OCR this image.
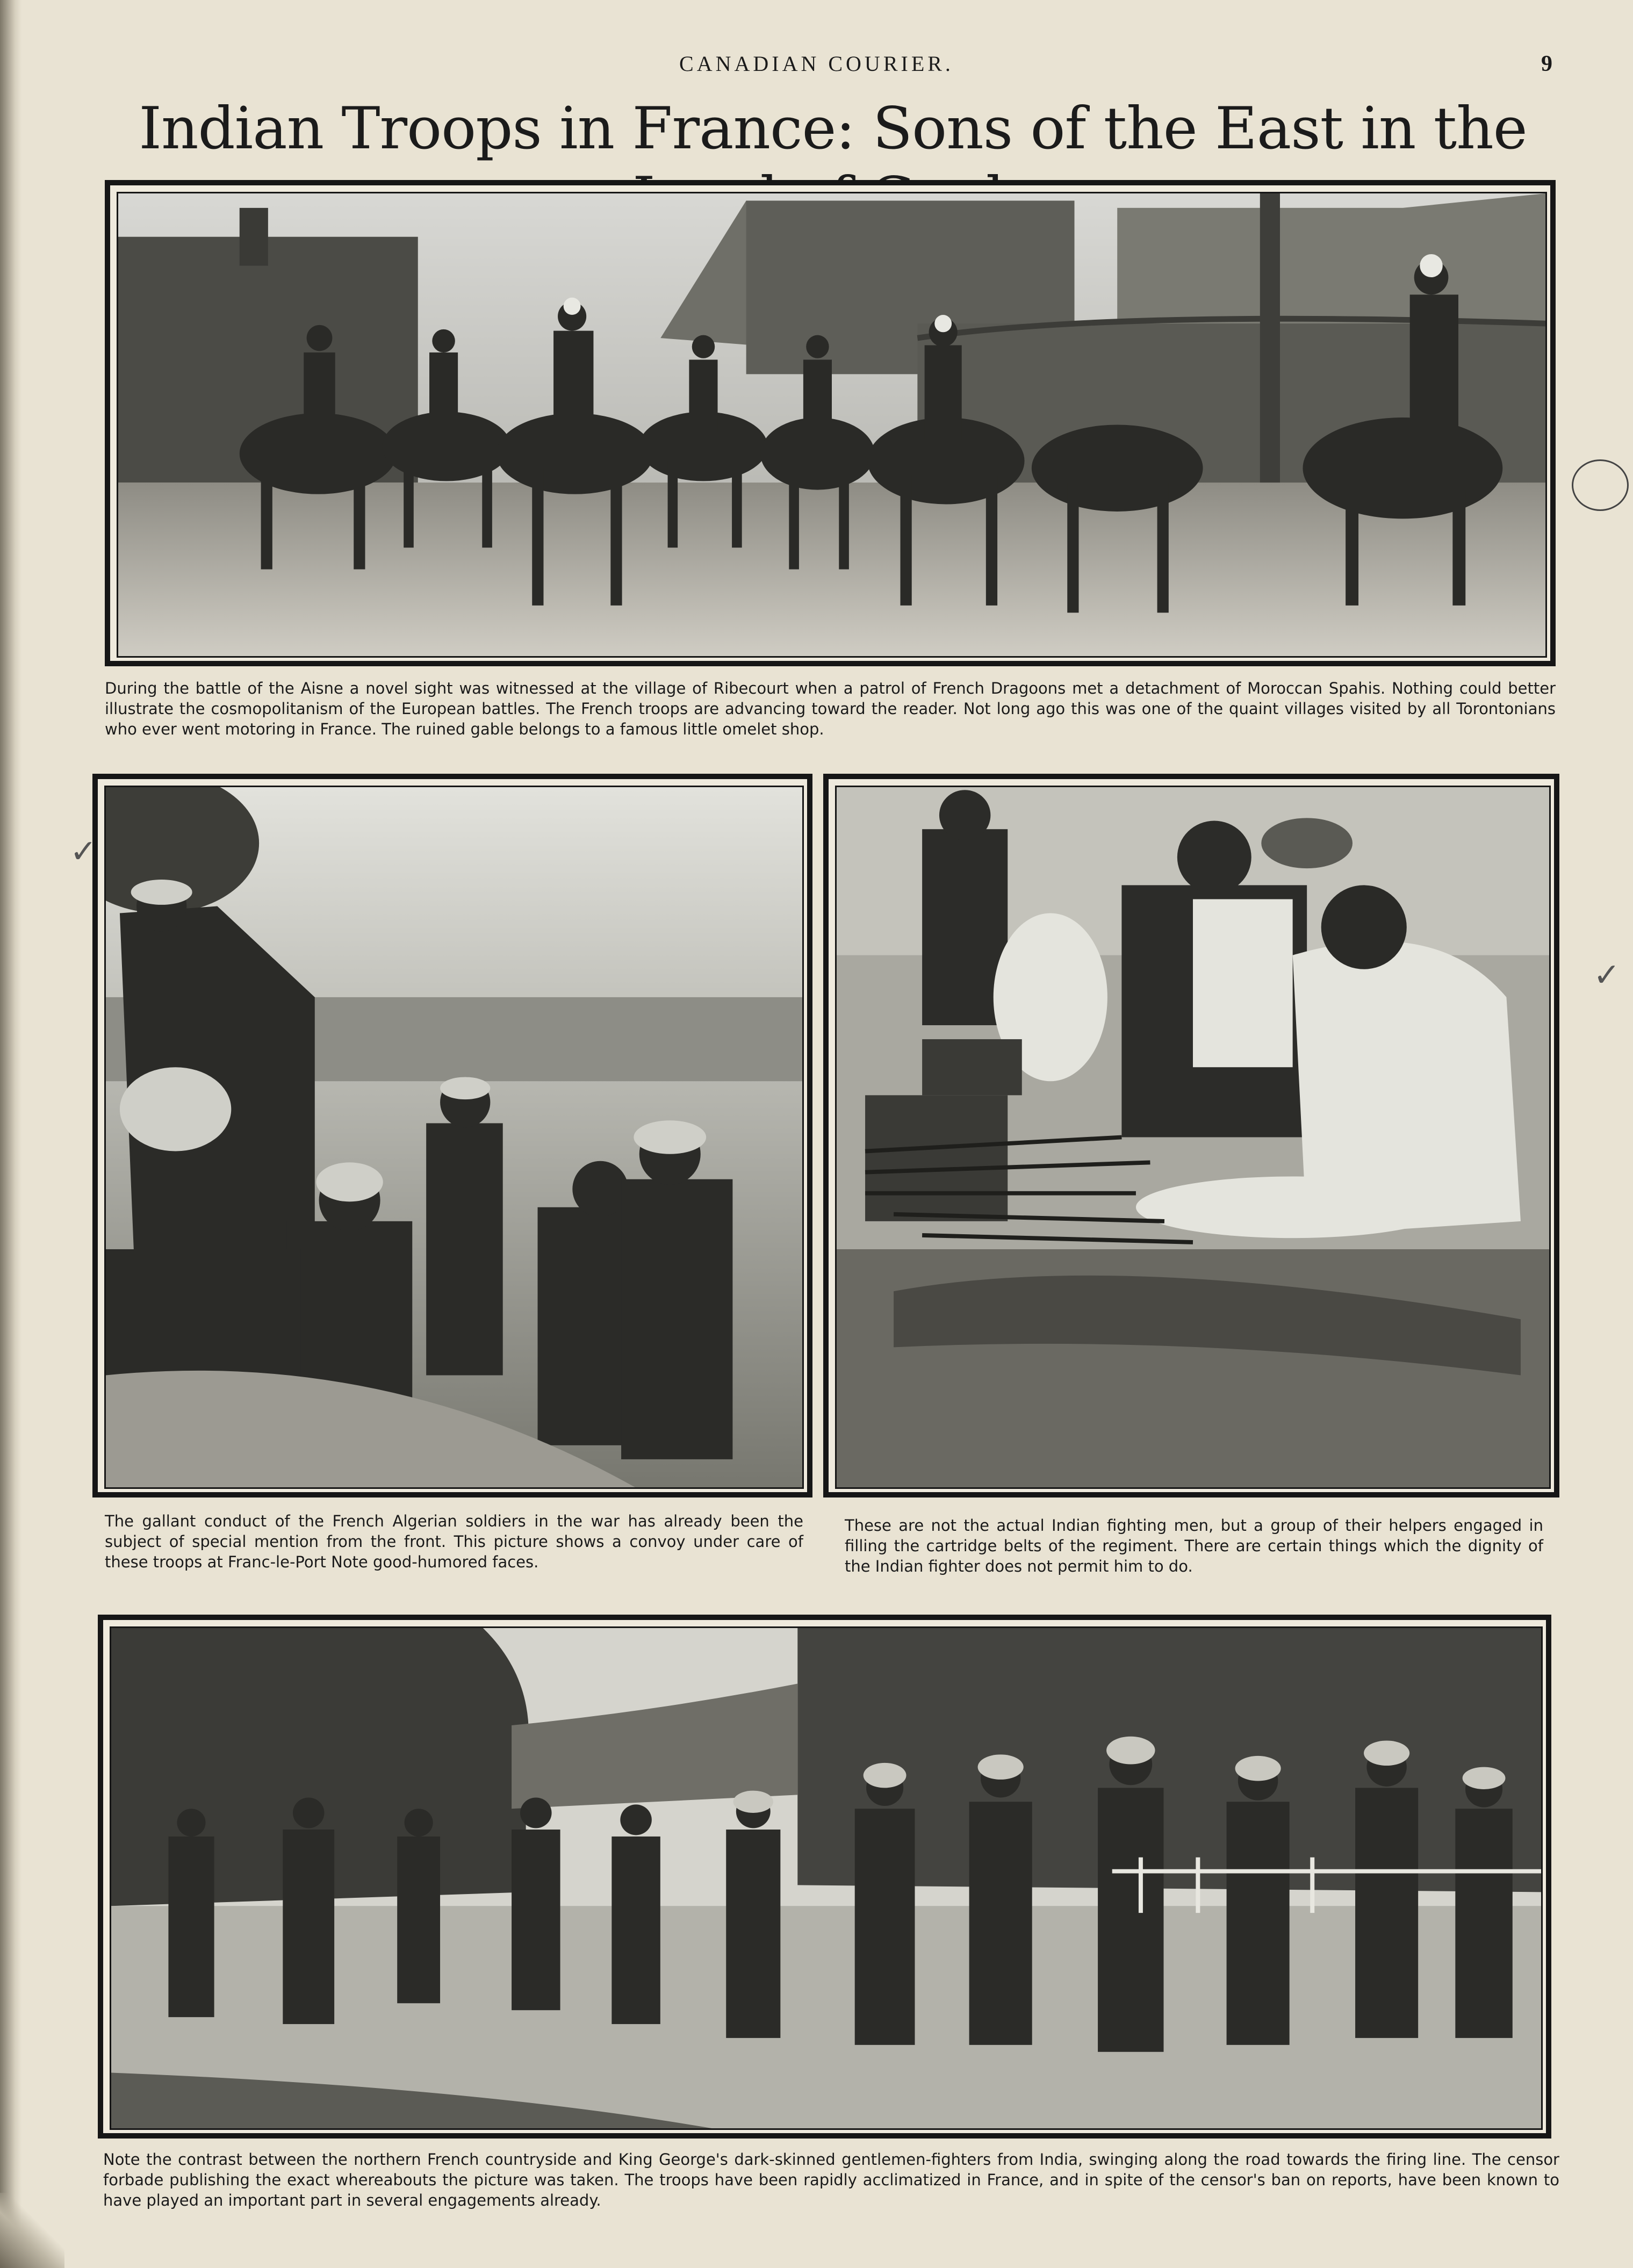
CANADIAN COURIER.	9
Indian Troops in France: Sons of the East in the
During the battle of the Aisne a novel sight was witnessed at the village of Ribecourt when a patrol of French Dragoons met a detachment of Moroccan Spahis. Nothing could better illustrate the cosmopolitanism of the European battles. The French troops are advancing toward the reader. Not long ago this was one of the quaint villages visited by all Torontonians who ever went motoring in France. The ruined gable belongs to a famous little omelet shop.
The gallant conduct of the French Algerian soldiers in the war has already been the subject of special mention from the front. This picture shows a convoy under care of these troops at Franc-le-Port Note good-humored faces.
These are not the actual Indian fighting men, but a group of their helpers engaged in filling the cartridge belts of the regiment. There are certain things which the dignity of the Indian fighter does not permit him to do.
Note the contrast between the northern French countryside and King George's dark-skinned gentlemen-fighters from India, swinging along the road towards the firing line. The censor forbade publishing the exact whereabouts the picture was taken. The troops have been rapidly acclimatized in France, and in spite of the censor's ban on reports, have been known to have played an important part in several engagements already.
✓
✓
